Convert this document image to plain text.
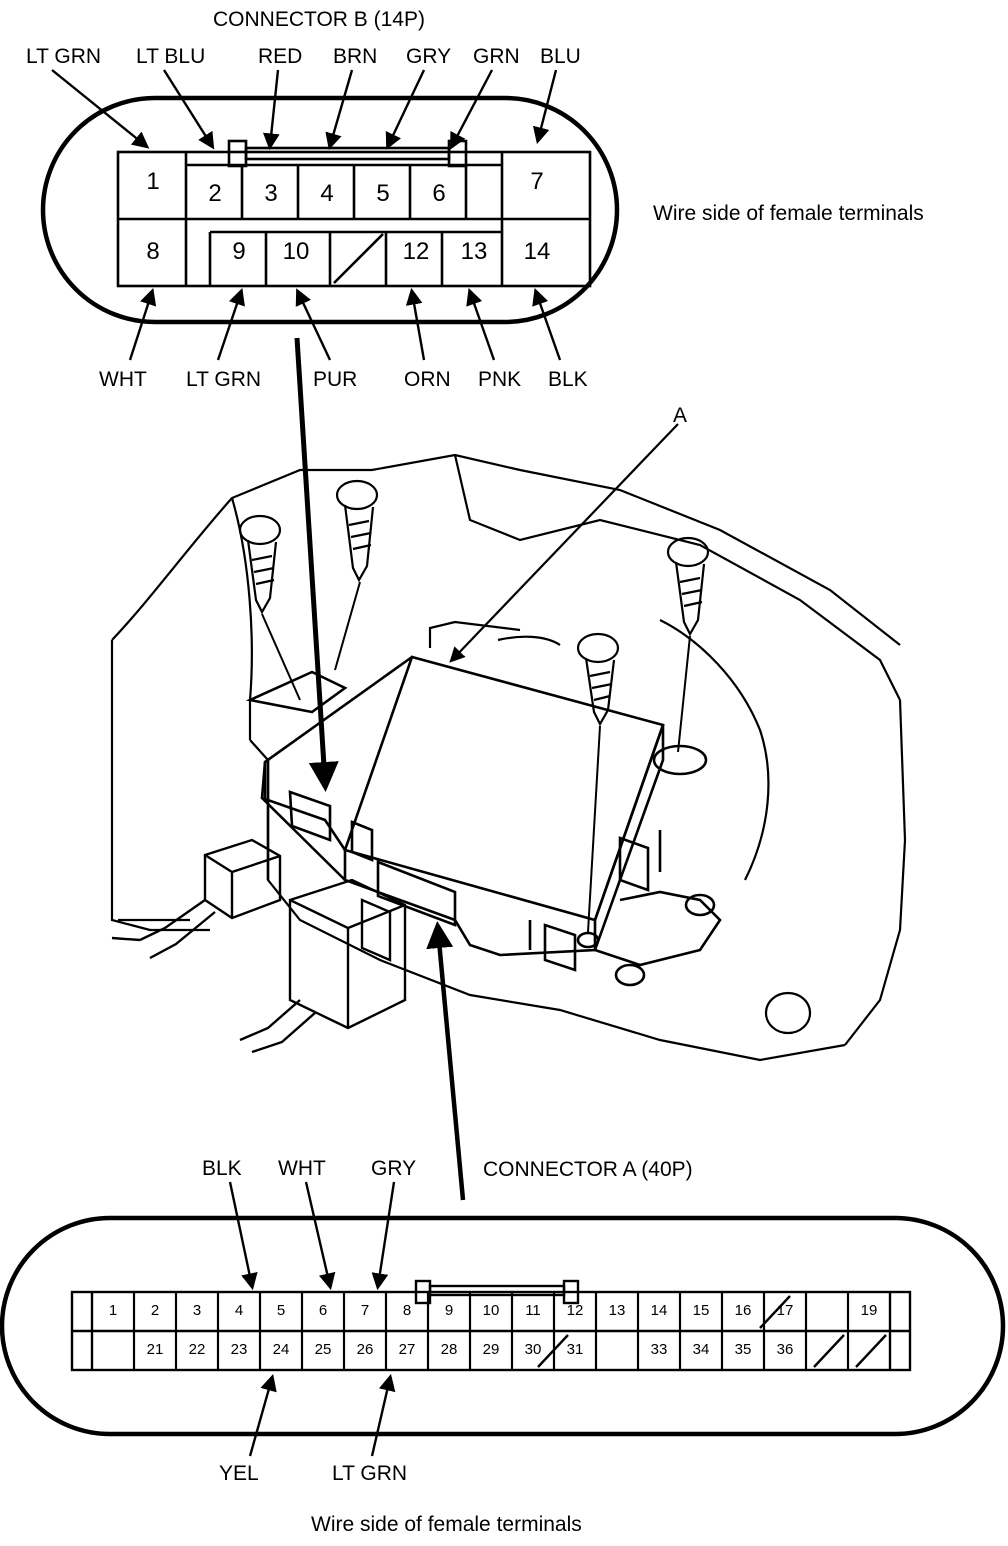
CONNECTOR B (14P)
LT GRN LT BLU	RED BRN GRY GRN BLU
WHT LT GRN PUR ORN PNK BLK
Wire side of female terminals
1	2	3	4	5	6	7
8	9	10	12	13	14
CONNECTOR A (40P)
BLK WHT GRY
YEL	LT GRN
Wire side of female terminals
A
1	2	3	4	5	6	7	8	9	10	11	12	13	14	15	16	17	19
21	22	23	24	25	26	27	28	29	30	31	33	34	35	36
